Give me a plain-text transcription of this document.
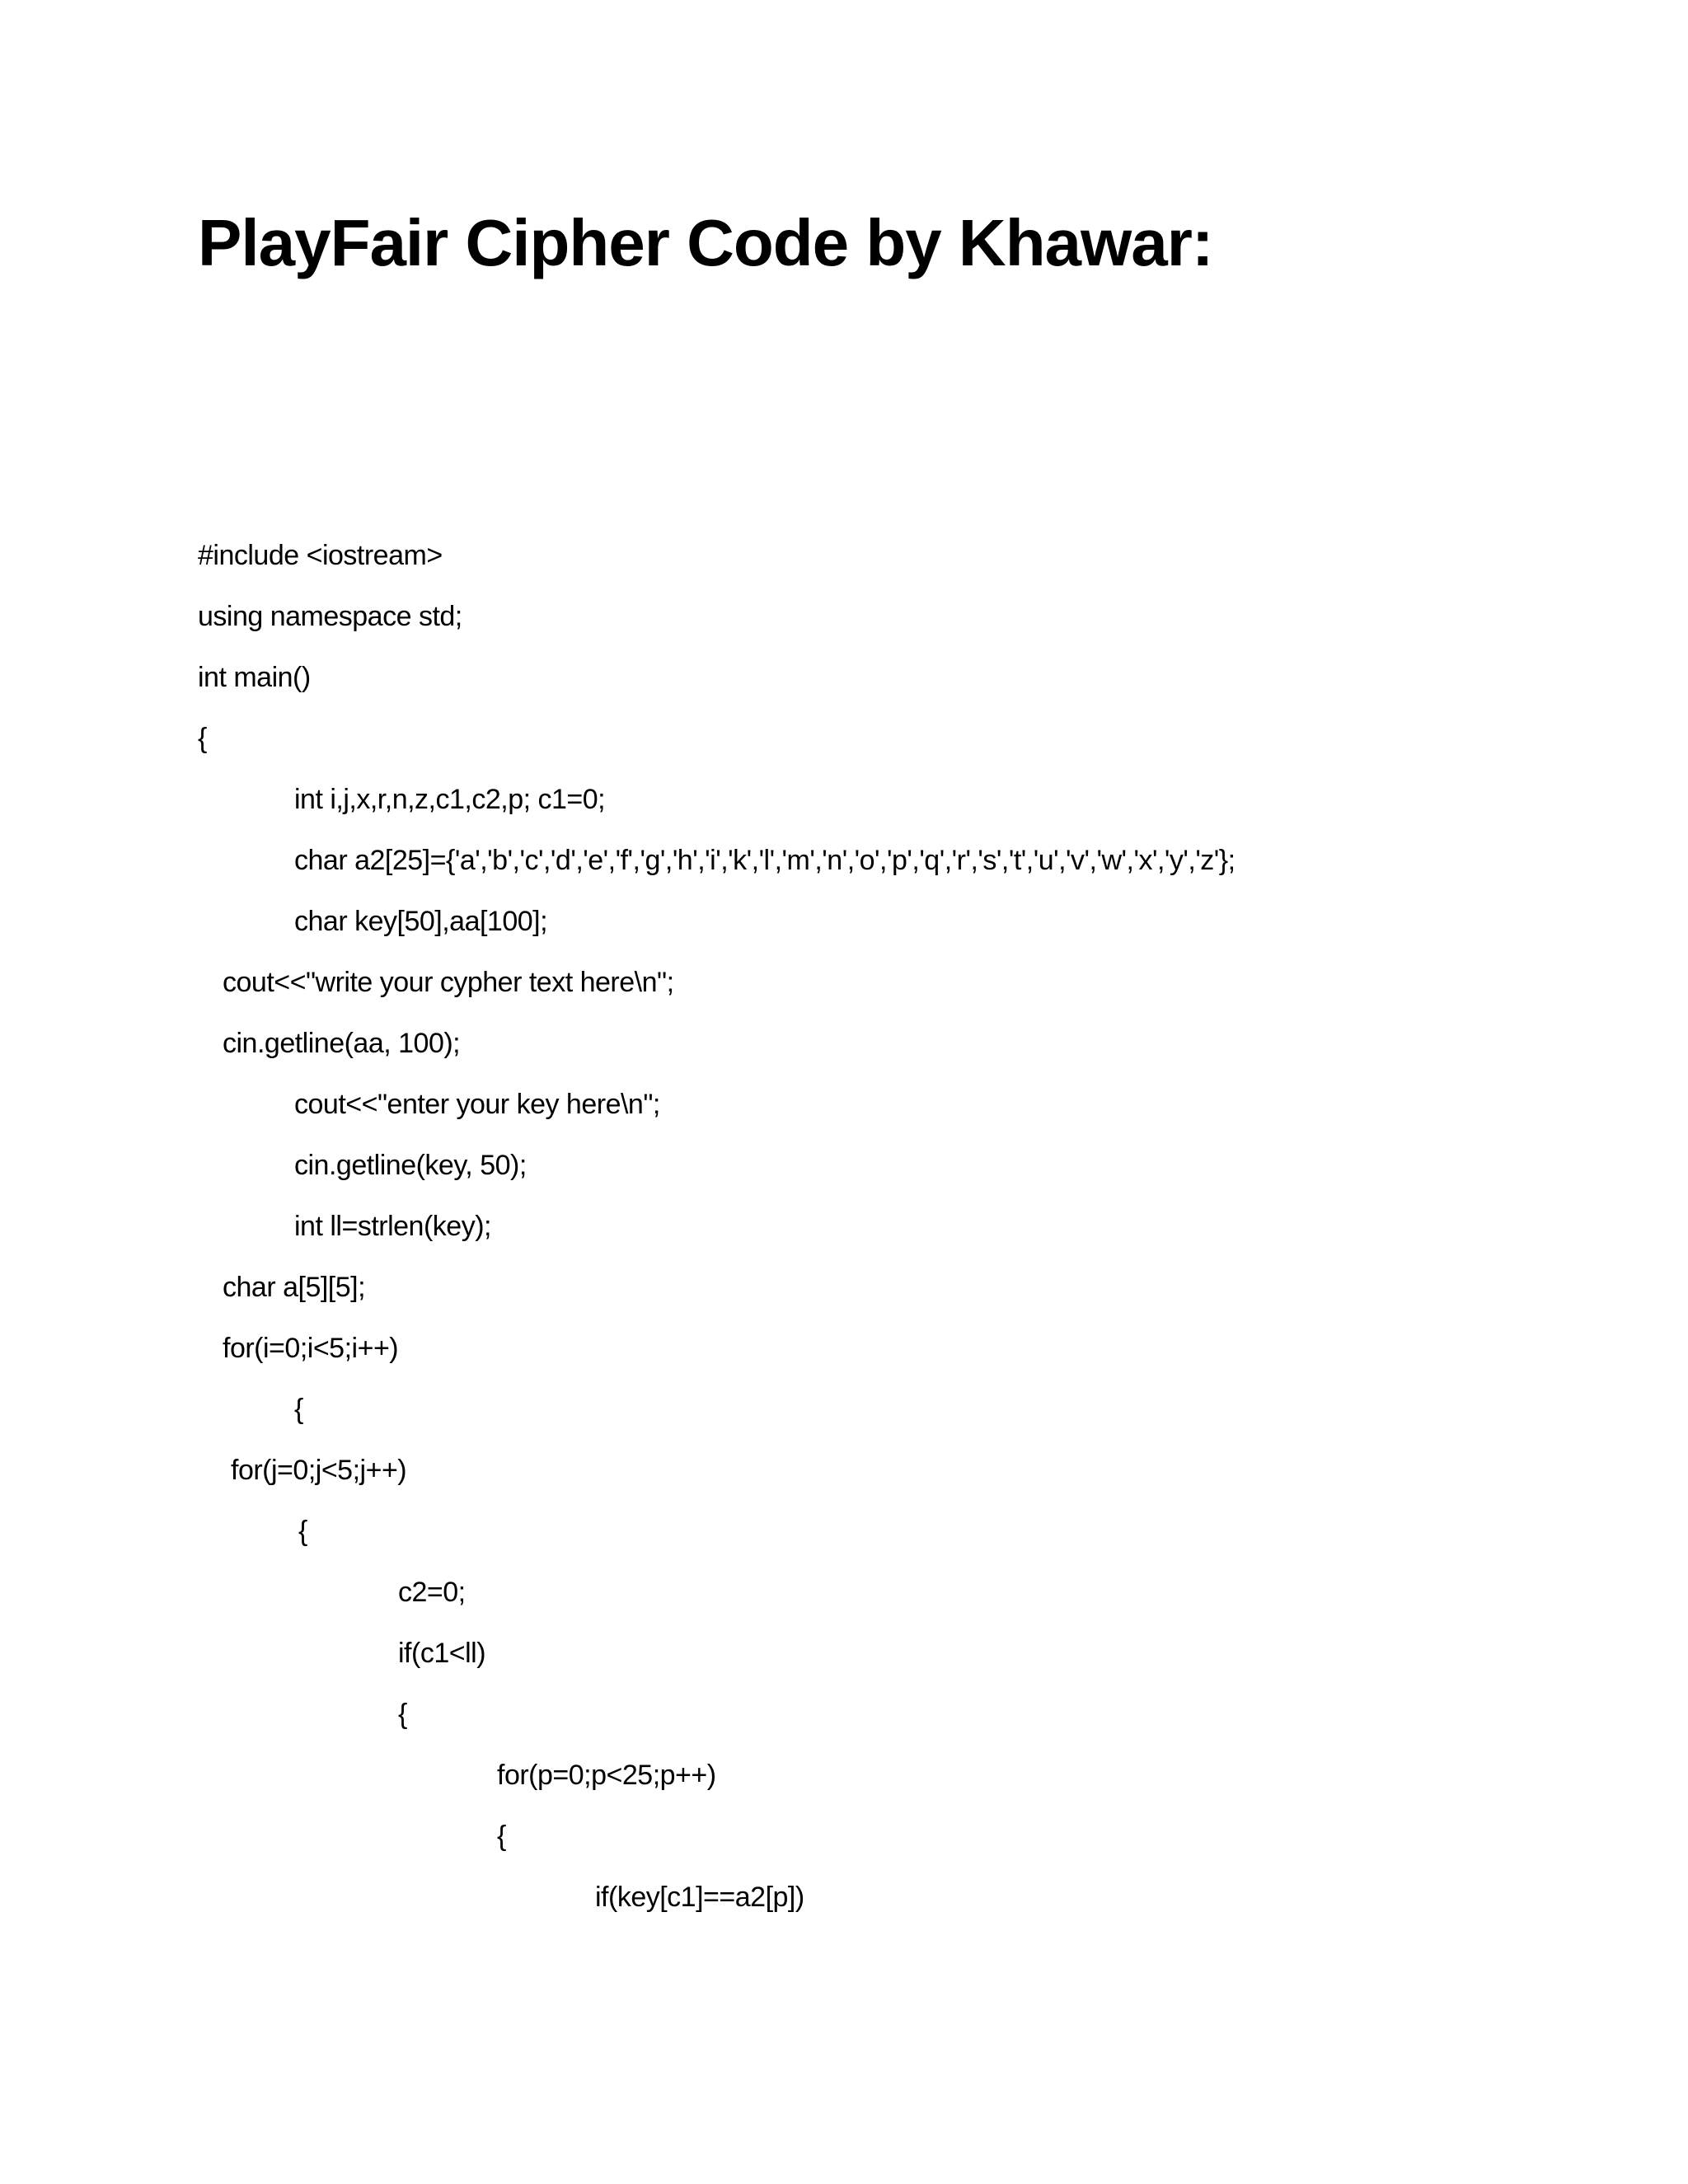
PlayFair Cipher Code by Khawar:
#include <iostream>
using namespace std;
int main()
{
int i,j,x,r,n,z,c1,c2,p; c1=0;
char a2[25]={'a','b','c','d','e','f','g','h','i','k','l','m','n','o','p','q','r','s','t','u','v','w','x','y','z'};
char key[50],aa[100];
cout<<"write your cypher text here\n";
cin.getline(aa, 100);
cout<<"enter your key here\n";
cin.getline(key, 50);
int ll=strlen(key);
char a[5][5];
for(i=0;i<5;i++)
{
for(j=0;j<5;j++)
{
c2=0;
if(c1<ll)
{
for(p=0;p<25;p++)
{
if(key[c1]==a2[p])
